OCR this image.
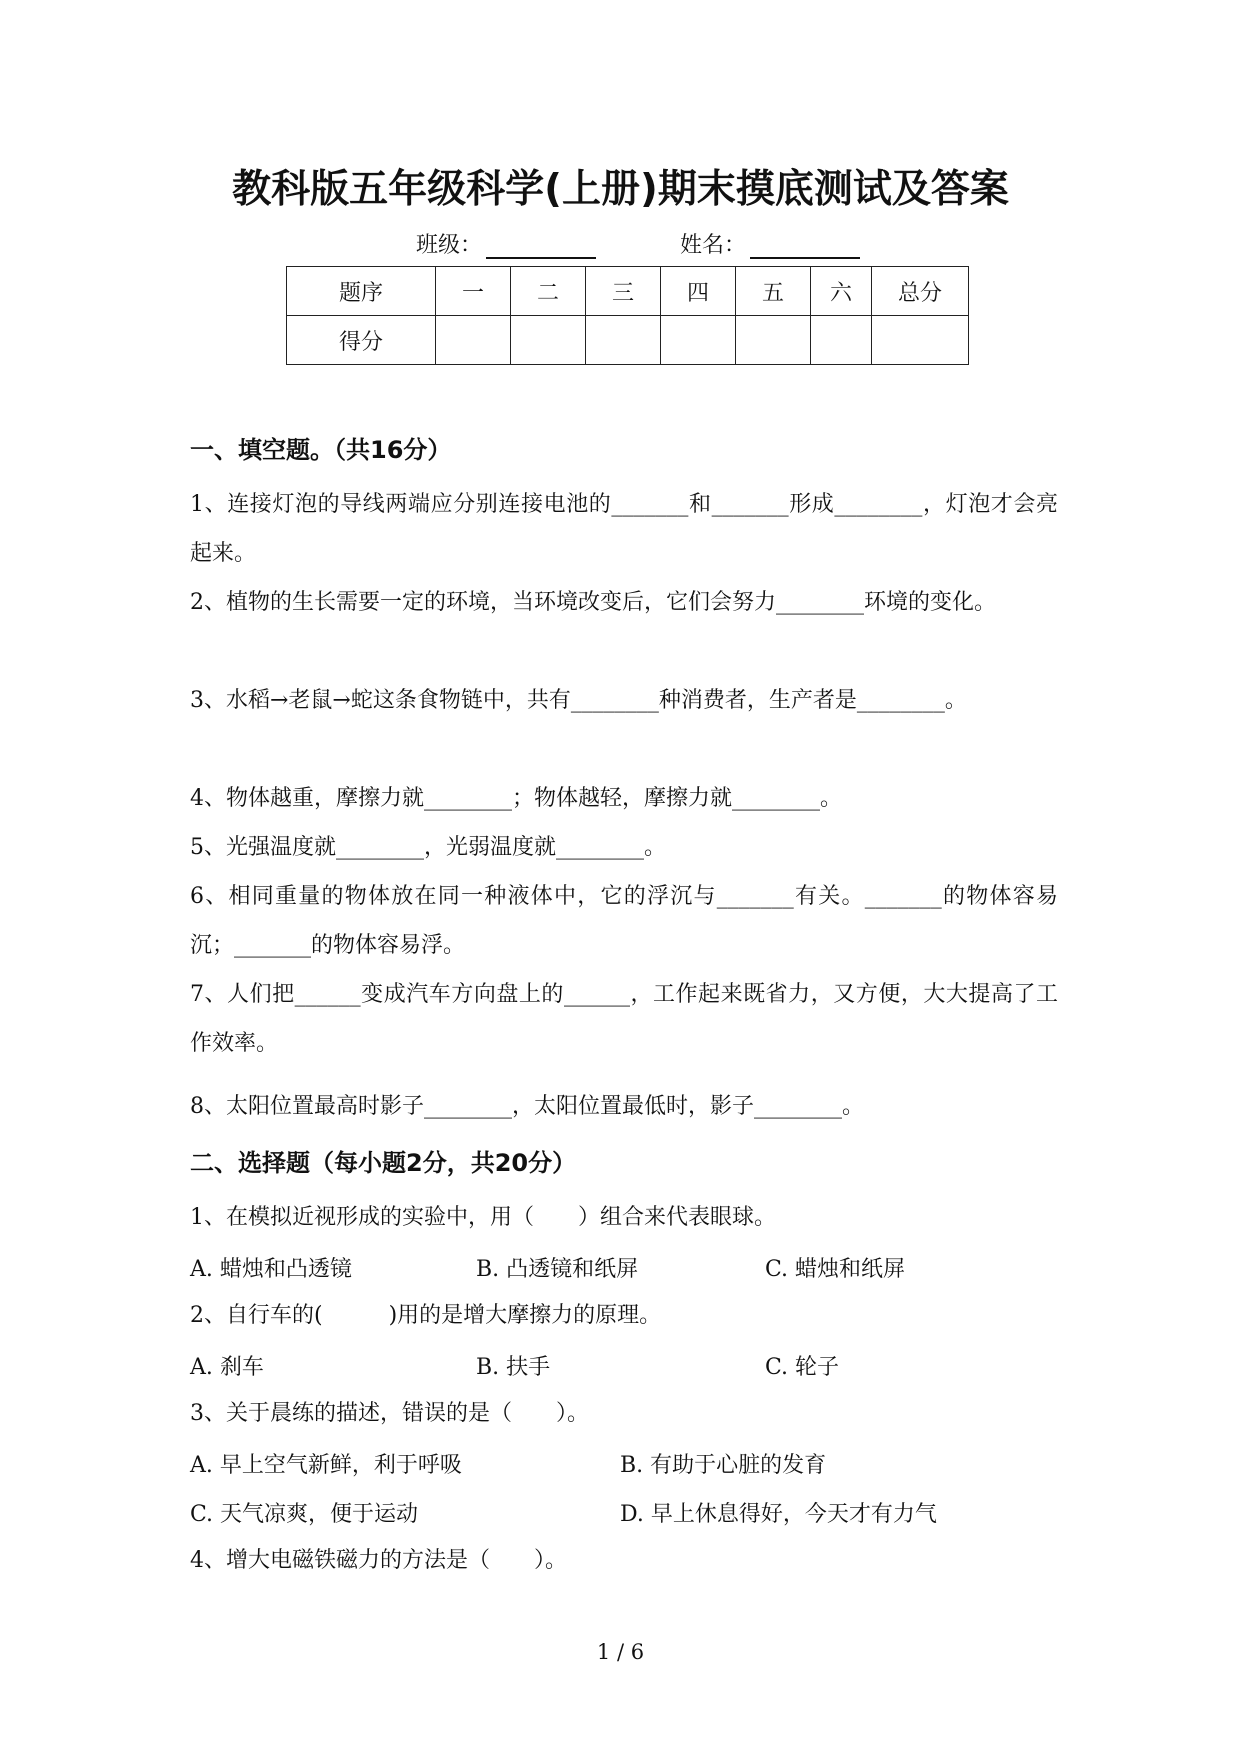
教科版五年级科学(上册)期末摸底测试及答案
班级：	姓名：
题序	一	二	三	四	五	六	总分
得分							
一、填空题。（共16分）
1、连接灯泡的导线两端应分别连接电池的_______和_______形成________，灯泡才会亮起来。
2、植物的生长需要一定的环境，当环境改变后，它们会努力________环境的变化。
3、水稻→老鼠→蛇这条食物链中，共有________种消费者，生产者是________。
4、物体越重，摩擦力就________；物体越轻，摩擦力就________。
5、光强温度就________，光弱温度就________。
6、相同重量的物体放在同一种液体中，它的浮沉与_______有关。_______的物体容易沉；_______的物体容易浮。
7、人们把______变成汽车方向盘上的______，工作起来既省力，又方便，大大提高了工作效率。
8、太阳位置最高时影子________，太阳位置最低时，影子________。
二、选择题（每小题2分，共20分）
1、在模拟近视形成的实验中，用（　　）组合来代表眼球。
A. 蜡烛和凸透镜	B. 凸透镜和纸屏	C. 蜡烛和纸屏
2、自行车的(　　　)用的是增大摩擦力的原理。
A. 刹车	B. 扶手	C. 轮子
3、关于晨练的描述，错误的是（　　）。
A. 早上空气新鲜，利于呼吸	B. 有助于心脏的发育
C. 天气凉爽，便于运动	D. 早上休息得好，今天才有力气
4、增大电磁铁磁力的方法是（　　）。
1 / 6
